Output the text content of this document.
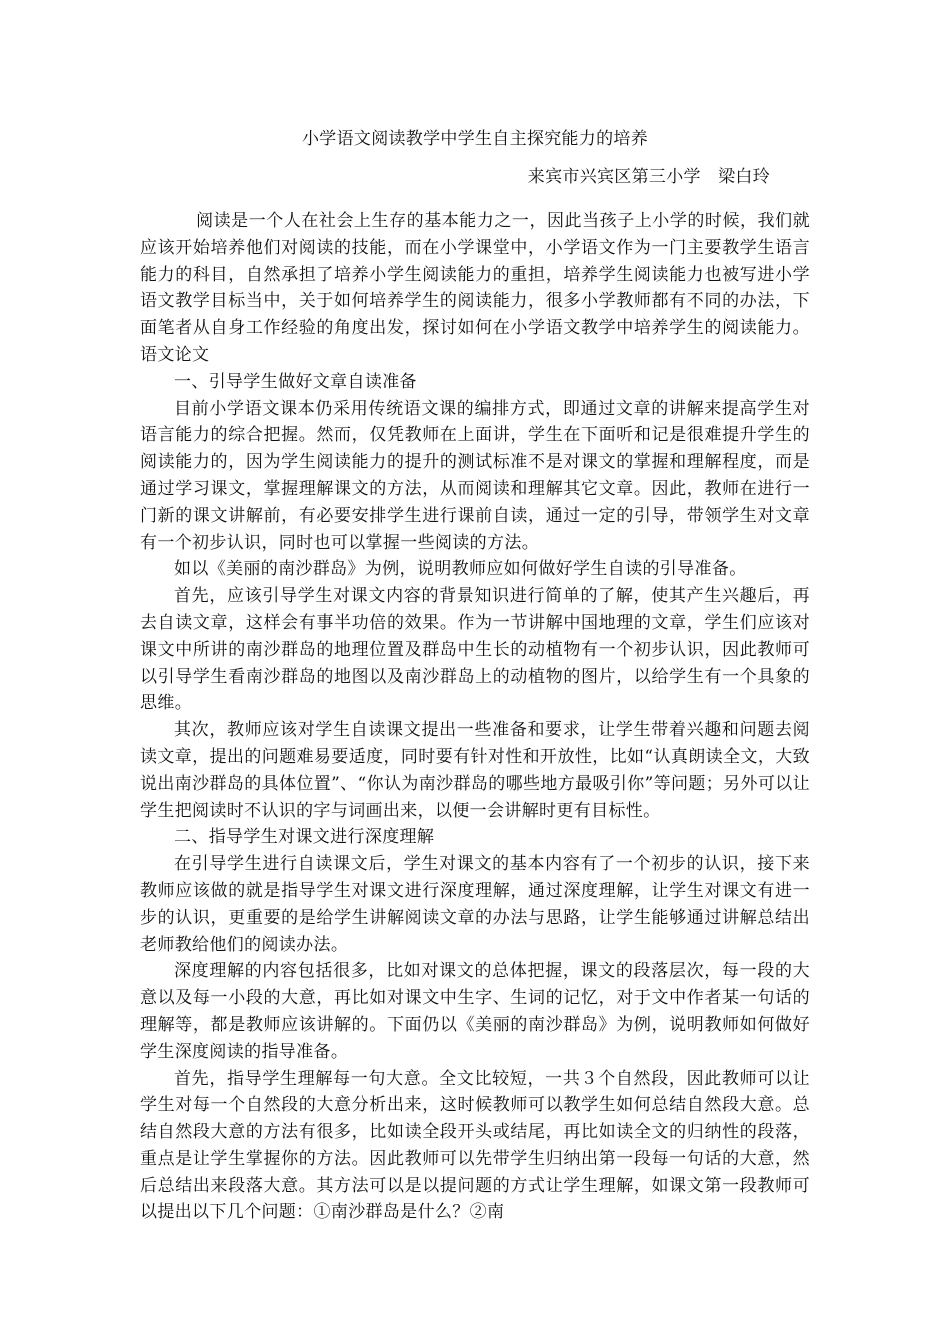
小学语文阅读教学中学生自主探究能力的培养
来宾市兴宾区第三小学　梁白玲

阅读是一个人在社会上生存的基本能力之一，因此当孩子上小学的时候，我们就应该开始培养他们对阅读的技能，而在小学课堂中，小学语文作为一门主要教学生语言能力的科目，自然承担了培养小学生阅读能力的重担，培养学生阅读能力也被写进小学语文教学目标当中，关于如何培养学生的阅读能力，很多小学教师都有不同的办法，下面笔者从自身工作经验的角度出发，探讨如何在小学语文教学中培养学生的阅读能力。语文论文

一、引导学生做好文章自读准备

目前小学语文课本仍采用传统语文课的编排方式，即通过文章的讲解来提高学生对语言能力的综合把握。然而，仅凭教师在上面讲，学生在下面听和记是很难提升学生的阅读能力的，因为学生阅读能力的提升的测试标准不是对课文的掌握和理解程度，而是通过学习课文，掌握理解课文的方法，从而阅读和理解其它文章。因此，教师在进行一门新的课文讲解前，有必要安排学生进行课前自读，通过一定的引导，带领学生对文章有一个初步认识，同时也可以掌握一些阅读的方法。

如以《美丽的南沙群岛》为例，说明教师应如何做好学生自读的引导准备。

首先，应该引导学生对课文内容的背景知识进行简单的了解，使其产生兴趣后，再去自读文章，这样会有事半功倍的效果。作为一节讲解中国地理的文章，学生们应该对课文中所讲的南沙群岛的地理位置及群岛中生长的动植物有一个初步认识，因此教师可以引导学生看南沙群岛的地图以及南沙群岛上的动植物的图片，以给学生有一个具象的思维。

其次，教师应该对学生自读课文提出一些准备和要求，让学生带着兴趣和问题去阅读文章，提出的问题难易要适度，同时要有针对性和开放性，比如“认真朗读全文，大致说出南沙群岛的具体位置”、“你认为南沙群岛的哪些地方最吸引你”等问题；另外可以让学生把阅读时不认识的字与词画出来，以便一会讲解时更有目标性。

二、指导学生对课文进行深度理解

在引导学生进行自读课文后，学生对课文的基本内容有了一个初步的认识，接下来教师应该做的就是指导学生对课文进行深度理解，通过深度理解，让学生对课文有进一步的认识，更重要的是给学生讲解阅读文章的办法与思路，让学生能够通过讲解总结出老师教给他们的阅读办法。

深度理解的内容包括很多，比如对课文的总体把握，课文的段落层次，每一段的大意以及每一小段的大意，再比如对课文中生字、生词的记忆，对于文中作者某一句话的理解等，都是教师应该讲解的。下面仍以《美丽的南沙群岛》为例，说明教师如何做好学生深度阅读的指导准备。

首先，指导学生理解每一句大意。全文比较短，一共３个自然段，因此教师可以让学生对每一个自然段的大意分析出来，这时候教师可以教学生如何总结自然段大意。总结自然段大意的方法有很多，比如读全段开头或结尾，再比如读全文的归纳性的段落，重点是让学生掌握你的方法。因此教师可以先带学生归纳出第一段每一句话的大意，然后总结出来段落大意。其方法可以是以提问题的方式让学生理解，如课文第一段教师可以提出以下几个问题：①南沙群岛是什么？②南
